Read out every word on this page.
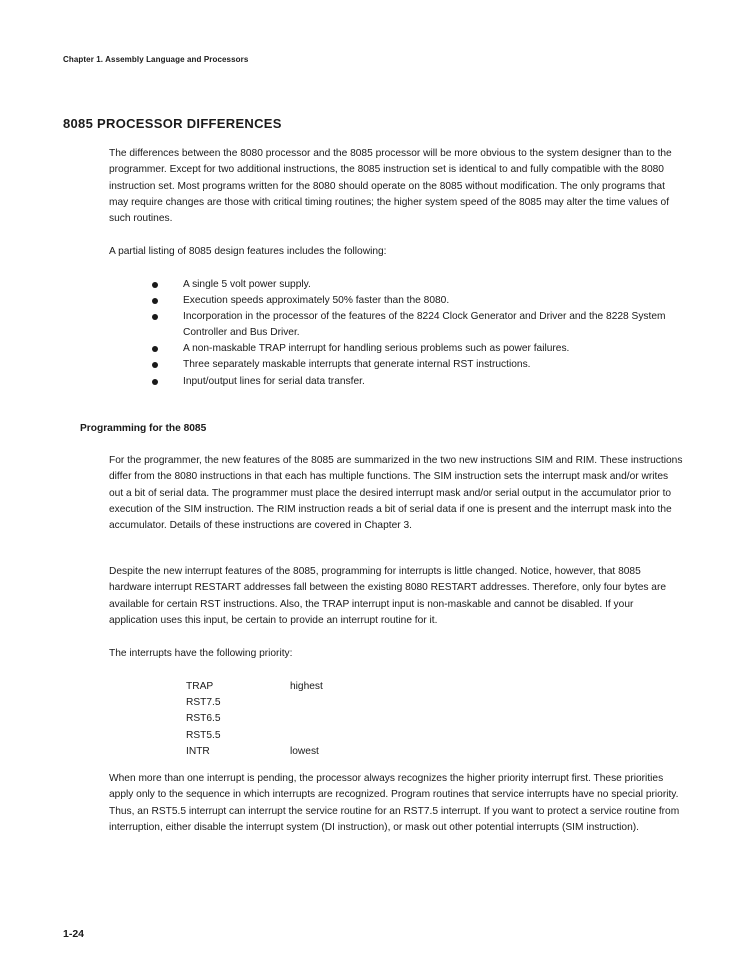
Chapter 1. Assembly Language and Processors
8085 PROCESSOR DIFFERENCES

The differences between the 8080 processor and the 8085 processor will be more obvious to the system designer than to the programmer. Except for two additional instructions, the 8085 instruction set is identical to and fully compatible with the 8080 instruction set. Most programs written for the 8080 should operate on the 8085 without modification. The only programs that may require changes are those with critical timing routines; the higher system speed of the 8085 may alter the time values of such routines.

A partial listing of 8085 design features includes the following:

A single 5 volt power supply.
Execution speeds approximately 50% faster than the 8080.
Incorporation in the processor of the features of the 8224 Clock Generator and Driver and the 8228 System Controller and Bus Driver.
A non-maskable TRAP interrupt for handling serious problems such as power failures.
Three separately maskable interrupts that generate internal RST instructions.
Input/output lines for serial data transfer.
Programming for the 8085

For the programmer, the new features of the 8085 are summarized in the two new instructions SIM and RIM. These instructions differ from the 8080 instructions in that each has multiple functions. The SIM instruction sets the interrupt mask and/or writes out a bit of serial data. The programmer must place the desired interrupt mask and/or serial output in the accumulator prior to execution of the SIM instruction. The RIM instruction reads a bit of serial data if one is present and the interrupt mask into the accumulator. Details of these instructions are covered in Chapter 3.

Despite the new interrupt features of the 8085, programming for interrupts is little changed. Notice, however, that 8085 hardware interrupt RESTART addresses fall between the existing 8080 RESTART addresses. Therefore, only four bytes are available for certain RST instructions. Also, the TRAP interrupt input is non-maskable and cannot be disabled. If your application uses this input, be certain to provide an interrupt routine for it.

The interrupts have the following priority:

TRAP	highest
RST7.5
RST6.5
RST5.5
INTR	lowest

When more than one interrupt is pending, the processor always recognizes the higher priority interrupt first. These priorities apply only to the sequence in which interrupts are recognized. Program routines that service interrupts have no special priority. Thus, an RST5.5 interrupt can interrupt the service routine for an RST7.5 interrupt. If you want to protect a service routine from interruption, either disable the interrupt system (DI instruction), or mask out other potential interrupts (SIM instruction).

1-24
